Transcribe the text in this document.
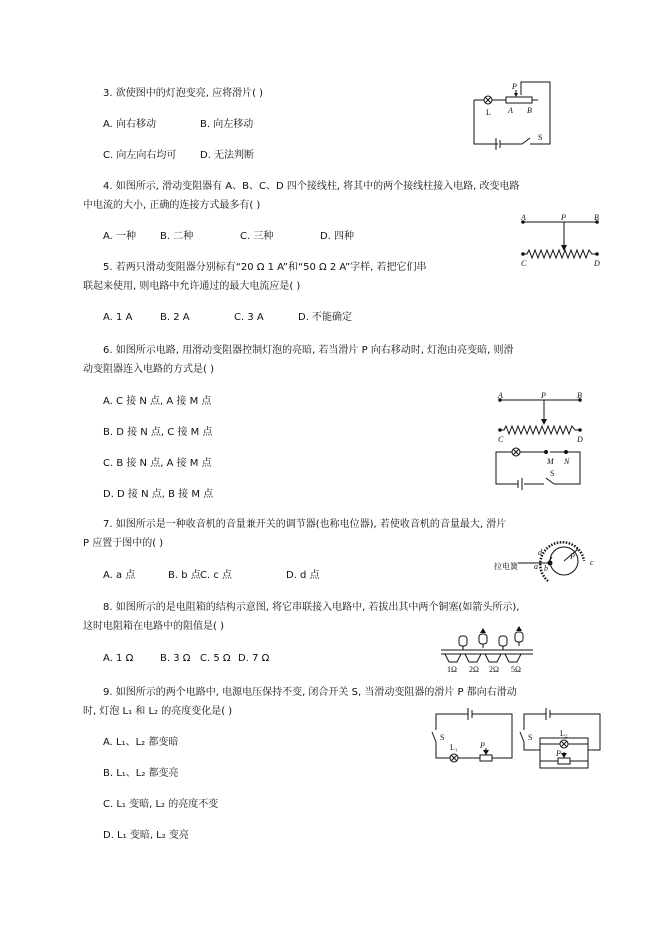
3. 欲使图中的灯泡变亮, 应将滑片( )
A. 向右移动	B. 向左移动
C. 向左向右均可 D. 无法判断
P
L A B
S
4. 如图所示, 滑动变阻器有 A、B、C、D 四个接线柱, 将其中的两个接线柱接入电路, 改变电路
中电流的大小, 正确的连接方式最多有( )
A. 一种 B. 二种	C. 三种	D. 四种
A	P	B
C	D
5. 若两只滑动变阻器分别标有“20 Ω 1 A”和“50 Ω 2 A”字样, 若把它们串
联起来使用, 则电路中允许通过的最大电流应是( )
A. 1 A	B. 2 A	C. 3 A	D. 不能确定
6. 如图所示电路, 用滑动变阻器控制灯泡的亮暗, 若当滑片 P 向右移动时, 灯泡由亮变暗, 则滑
动变阻器连入电路的方式是( )
A. C 接 N 点, A 接 M 点
B. D 接 N 点, C 接 M 点
C. B 接 N 点, A 接 M 点
D. D 接 N 点, B 接 M 点
A	P	B
C	D
M N
S
7. 如图所示是一种收音机的音量兼开关的调节器(也称电位器), 若使收音机的音量最大, 滑片
P 应置于图中的( )
A. a 点	B. b 点 C. c 点	D. d 点
拉电簧
d
a b
P
c
8. 如图所示的是电阻箱的结构示意图, 将它串联接入电路中, 若拔出其中两个铜塞(如箭头所示),
这时电阻箱在电路中的阻值是( )
A. 1 Ω	B. 3 Ω C. 5 Ω D. 7 Ω
1Ω 2Ω 2Ω 5Ω
9. 如图所示的两个电路中, 电源电压保持不变, 闭合开关 S, 当滑动变阻器的滑片 P 都向右滑动
时, 灯泡 L₁ 和 L₂ 的亮度变化是( )
A. L₁、L₂ 都变暗
B. L₁、L₂ 都变亮
C. L₁ 变暗, L₂ 的亮度不变
D. L₁ 变暗, L₂ 变亮
S
L₁	P
S	L₂
P
